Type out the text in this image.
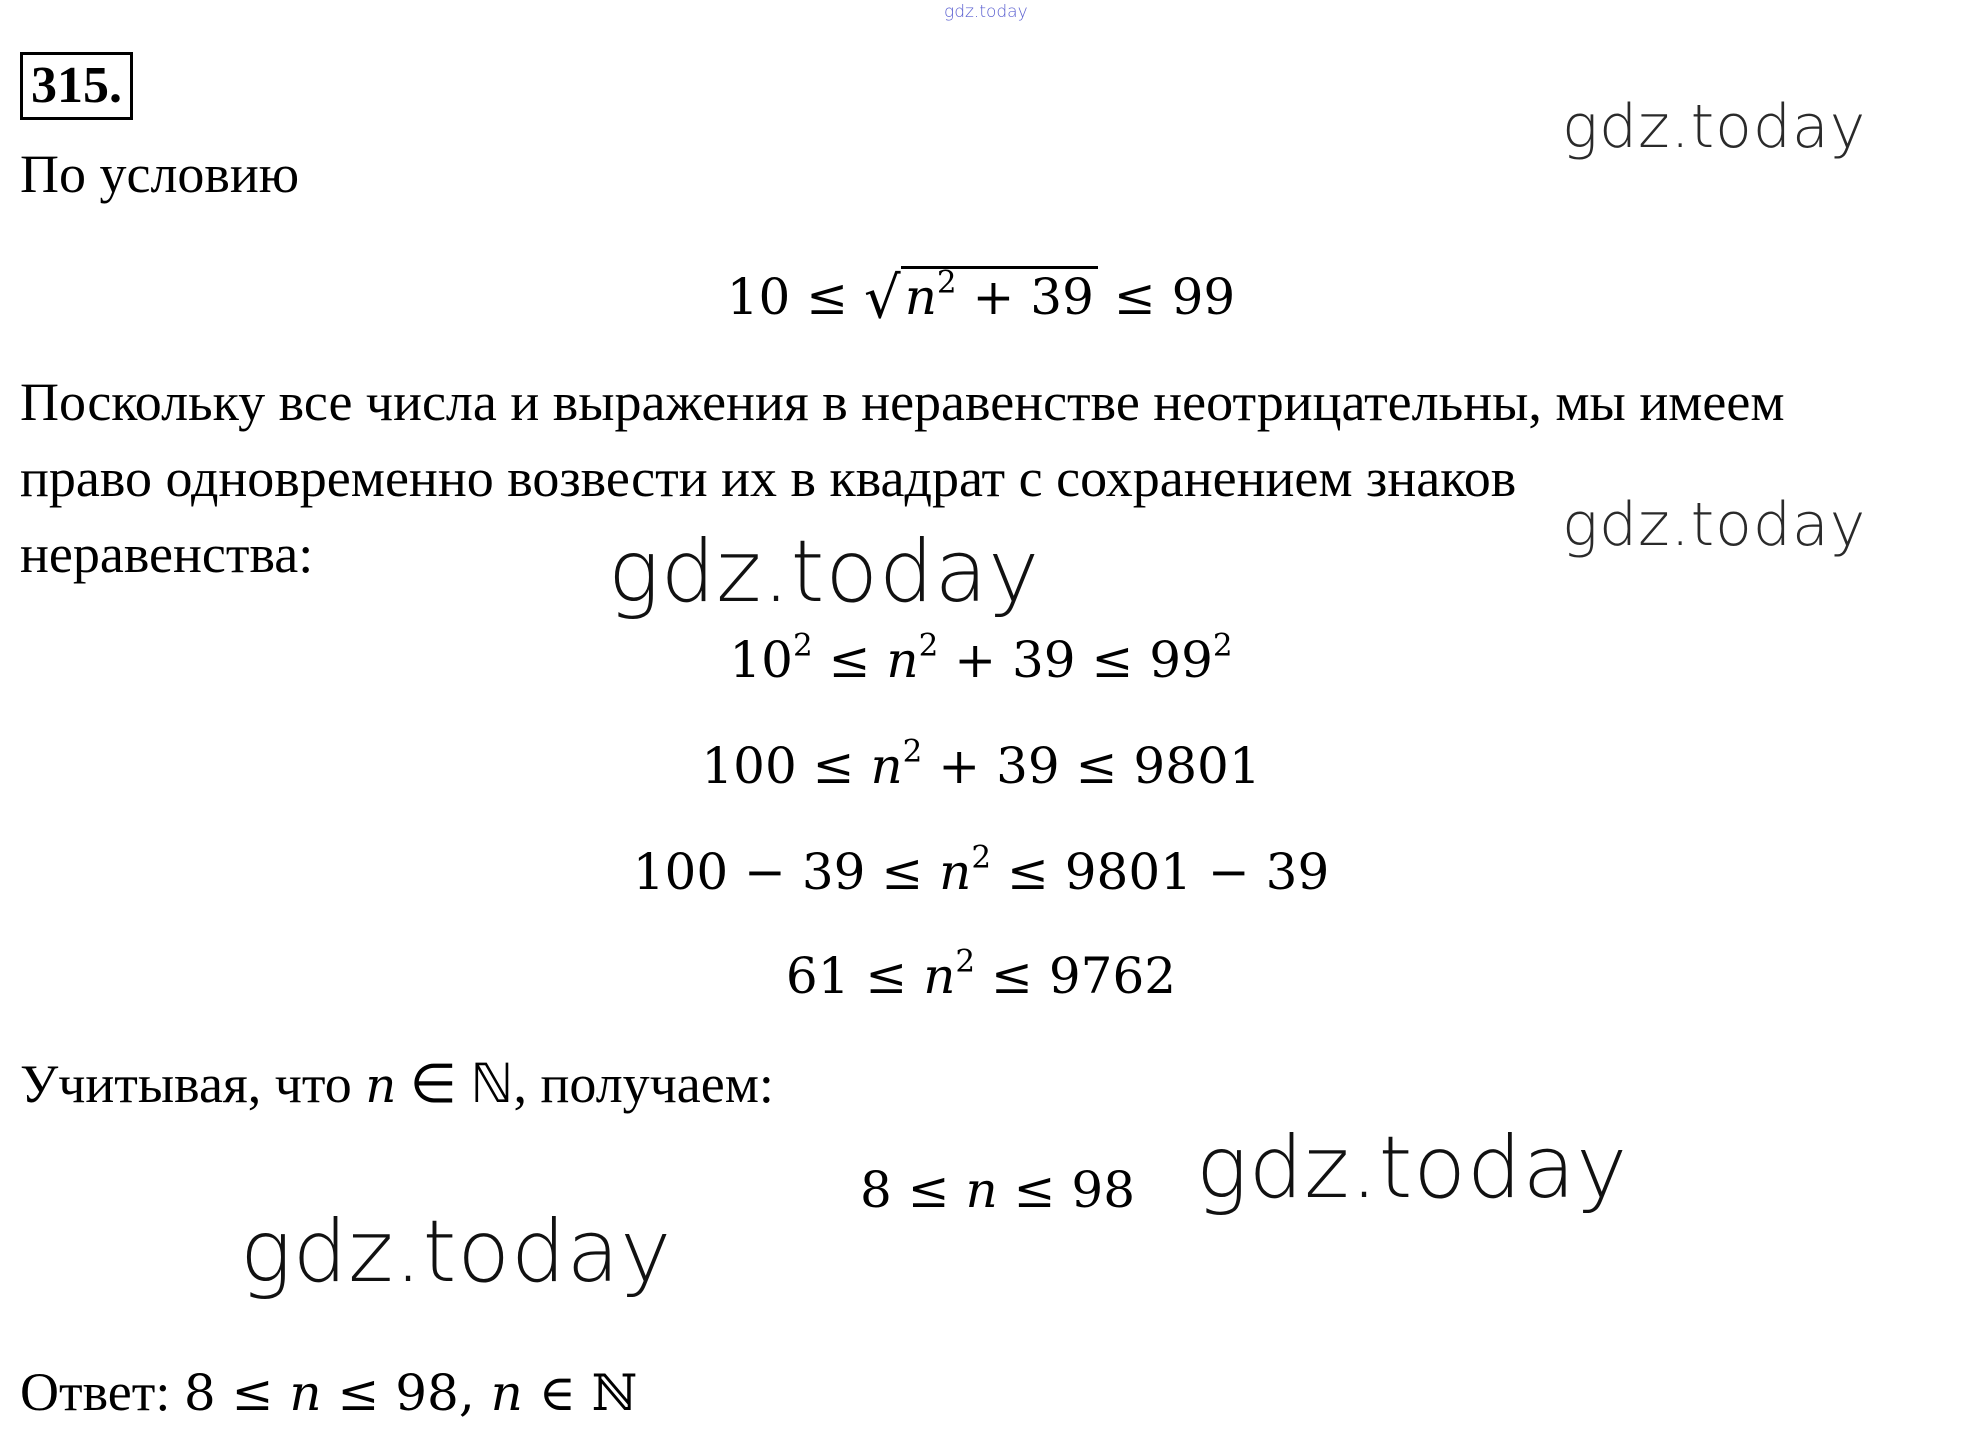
gdz.today
gdz.today
315.
По условию
$10 \le √n^2 + 39 \le 99$
Поскольку все числа и выражения в неравенстве неотрицательны, мы имеем
право одновременно возвести их в квадрат с сохранением знаков
неравенства:	gdz.today
gdz.today
$10^2 \le n^2 + 39 \le 99^2$
$100 \le n^2 + 39 \le 9801$
$100 - 39 \le n^2 \le 9801 - 39$
$61 \le n^2 \le 9762$
Учитывая, что n ∈ ℕ, получаем:
8 ≤ n ≤ 98 gdz.today
gdz.today
Ответ: 8 ≤ n ≤ 98, n ∈ ℕ
